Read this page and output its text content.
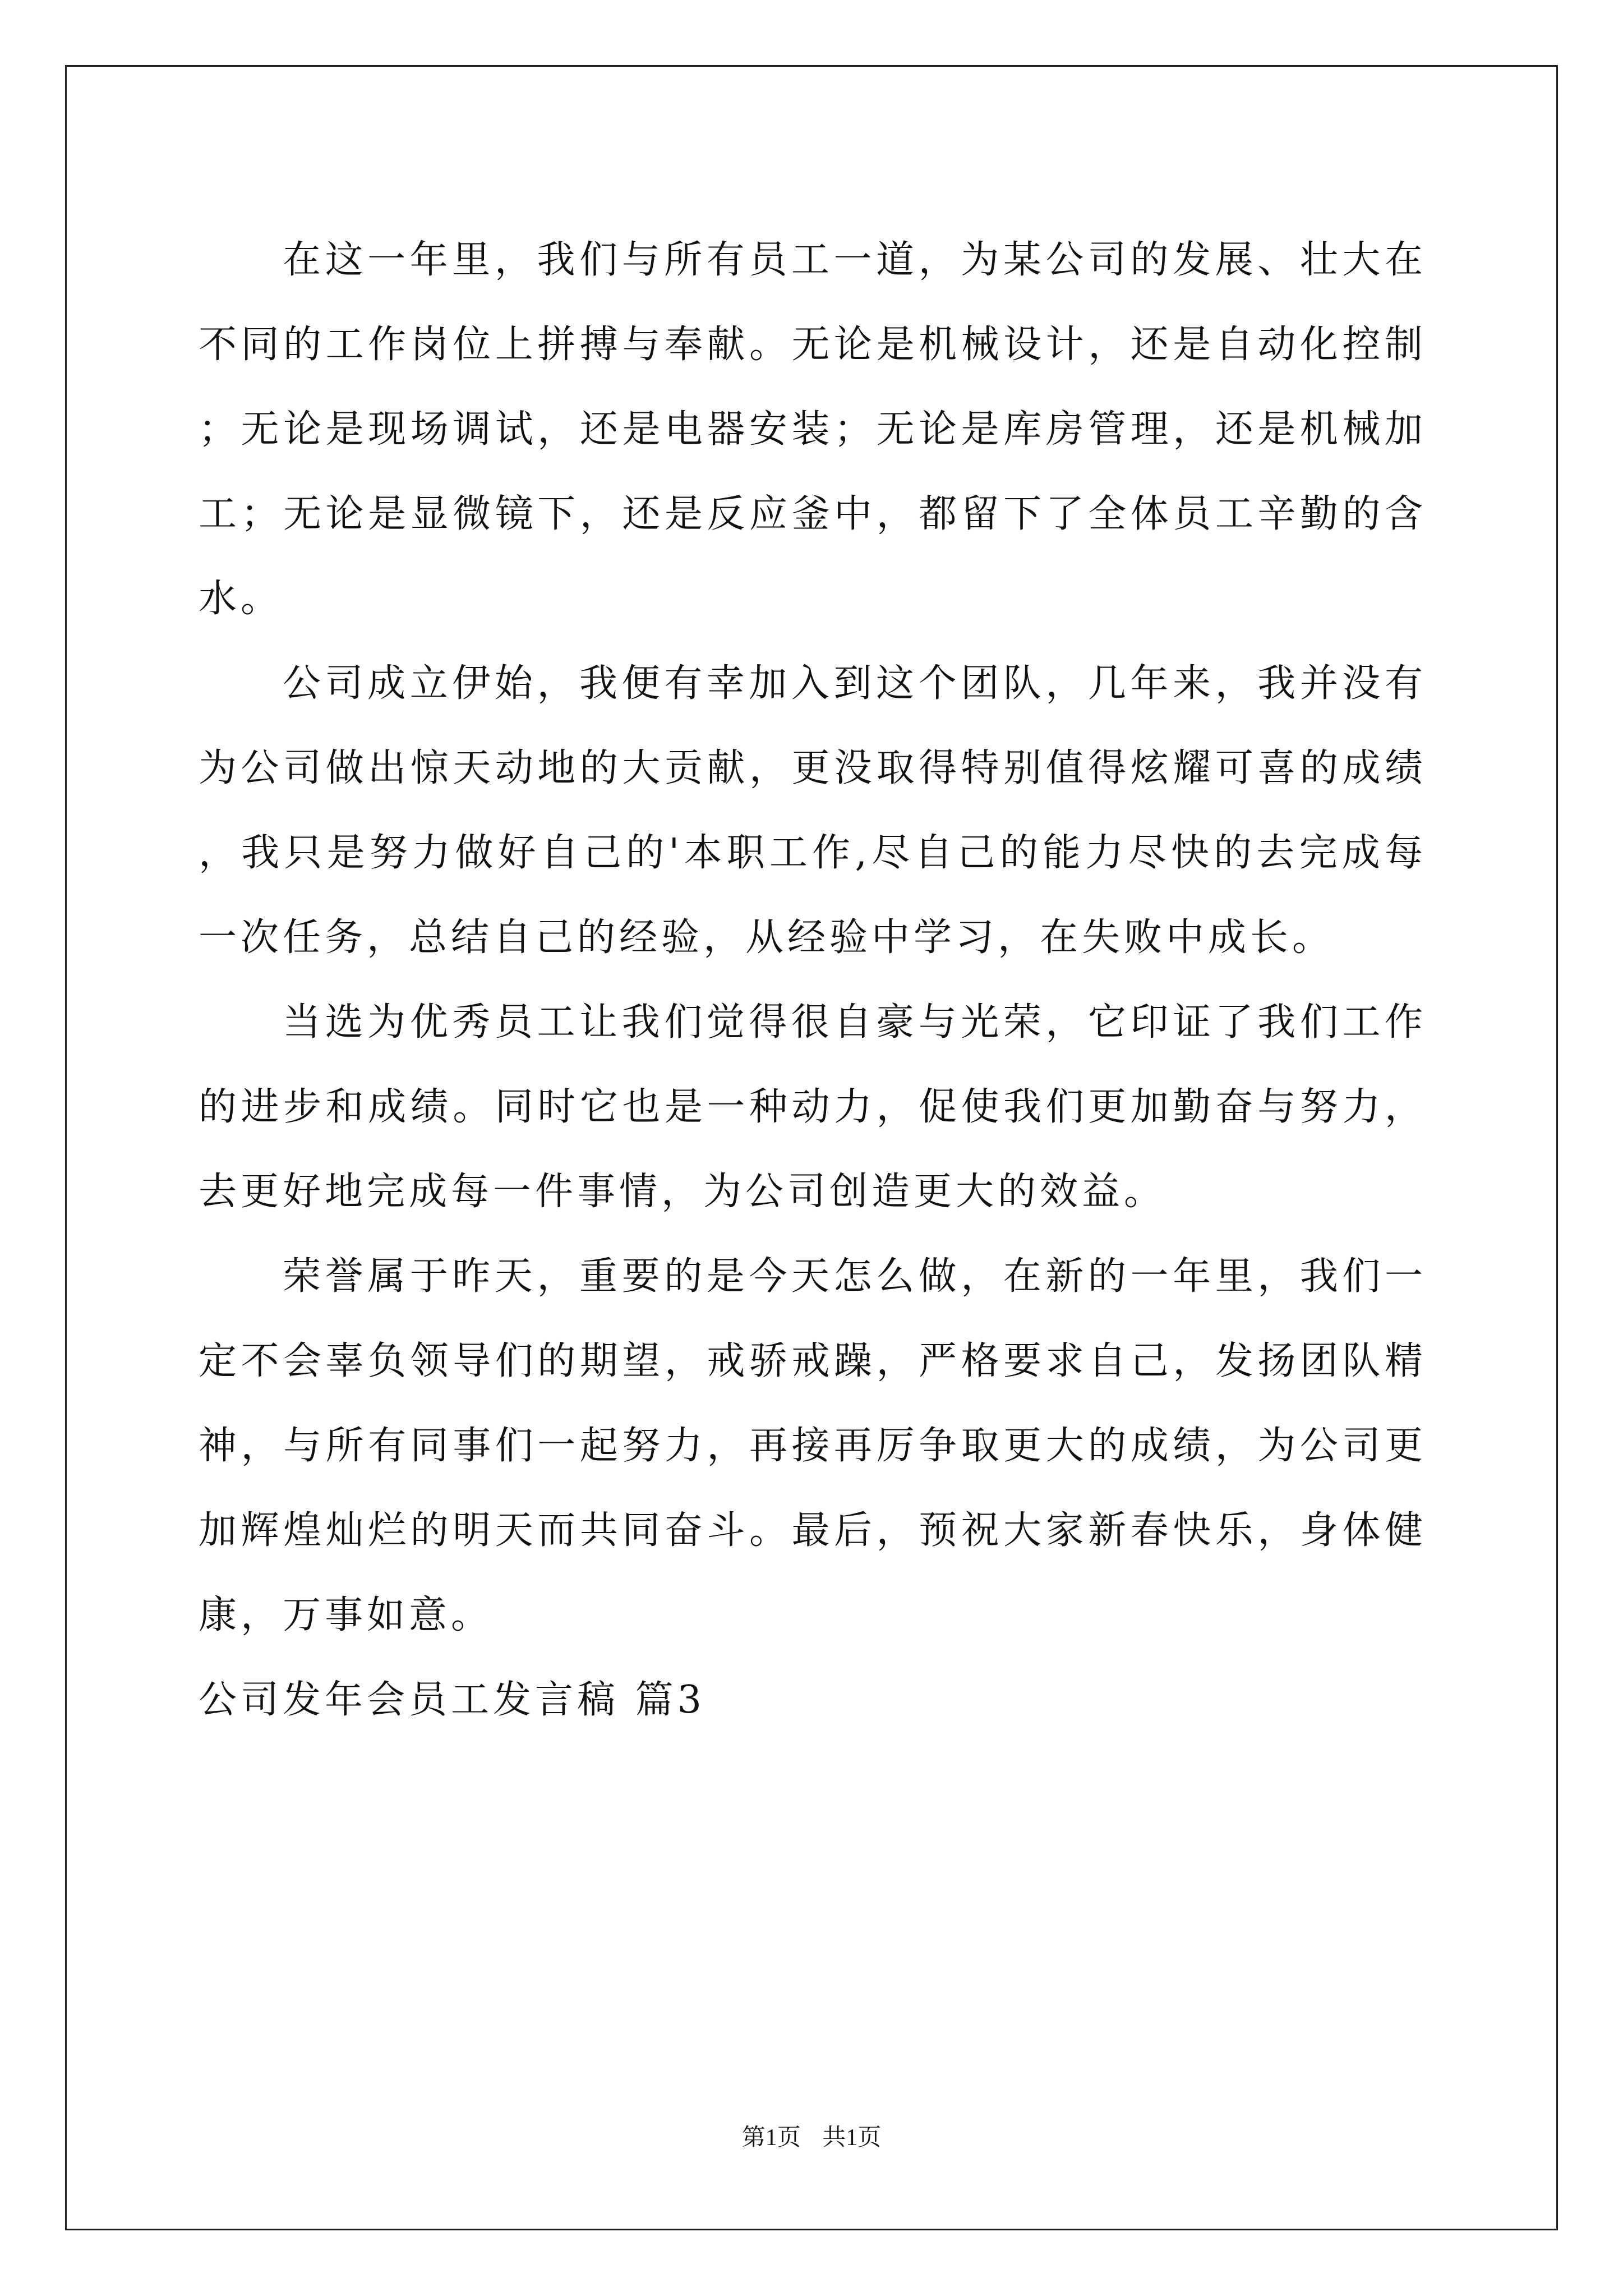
在这一年里，我们与所有员工一道，为某公司的发展、壮大在不同的工作岗位上拼搏与奉献。无论是机械设计，还是自动化控制；无论是现场调试，还是电器安装；无论是库房管理，还是机械加工；无论是显微镜下，还是反应釜中，都留下了全体员工辛勤的含水。

公司成立伊始，我便有幸加入到这个团队，几年来，我并没有为公司做出惊天动地的大贡献，更没取得特别值得炫耀可喜的成绩，我只是努力做好自己的'本职工作,尽自己的能力尽快的去完成每一次任务，总结自己的经验，从经验中学习，在失败中成长。

当选为优秀员工让我们觉得很自豪与光荣，它印证了我们工作的进步和成绩。同时它也是一种动力，促使我们更加勤奋与努力，去更好地完成每一件事情，为公司创造更大的效益。

荣誉属于昨天，重要的是今天怎么做，在新的一年里，我们一定不会辜负领导们的期望，戒骄戒躁，严格要求自己，发扬团队精神，与所有同事们一起努力，再接再厉争取更大的成绩，为公司更加辉煌灿烂的明天而共同奋斗。最后，预祝大家新春快乐，身体健康，万事如意。

公司发年会员工发言稿 篇3

第1页 共1页
